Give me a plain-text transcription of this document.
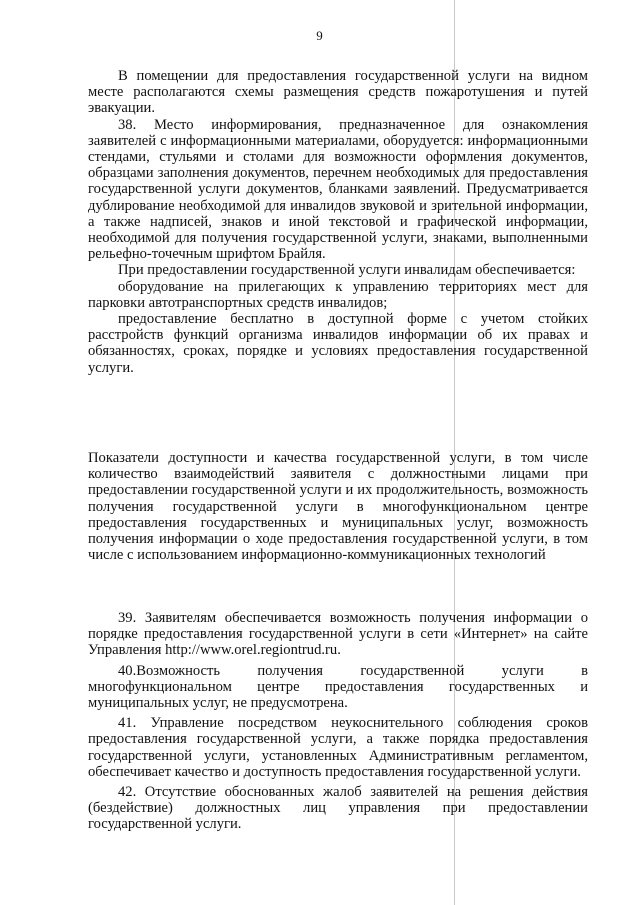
9

В помещении для предоставления государственной услуги на видном месте располагаются схемы размещения средств пожаротушения и путей эвакуации.

38. Место информирования, предназначенное для ознакомления заявителей с информационными материалами, оборудуется: информационными стендами, стульями и столами для возможности оформления документов, образцами заполнения документов, перечнем необходимых для предоставления государственной услуги документов, бланками заявлений. Предусматривается дублирование необходимой для инвалидов звуковой и зрительной информации, а также надписей, знаков и иной текстовой и графической информации, необходимой для получения государственной услуги, знаками, выполненными рельефно-точечным шрифтом Брайля.

При предоставлении государственной услуги инвалидам обеспечивается:

оборудование на прилегающих к управлению территориях мест для парковки автотранспортных средств инвалидов;

предоставление бесплатно в доступной форме с учетом стойких расстройств функций организма инвалидов информации об их правах и обязанностях, сроках, порядке и условиях предоставления государственной услуги.

Показатели доступности и качества государственной услуги, в том числе количество взаимодействий заявителя с должностными лицами при предоставлении государственной услуги и их продолжительность, возможность получения государственной услуги в многофункциональном центре предоставления государственных и муниципальных услуг, возможность получения информации о ходе предоставления государственной услуги, в том числе с использованием информационно-коммуникационных технологий

39. Заявителям обеспечивается возможность получения информации о порядке предоставления государственной услуги в сети «Интернет» на сайте Управления http://www.orel.regiontrud.ru.

40.Возможность получения государственной услуги в многофункциональном центре предоставления государственных и муниципальных услуг, не предусмотрена.

41. Управление посредством неукоснительного соблюдения сроков предоставления государственной услуги, а также порядка предоставления государственной услуги, установленных Административным регламентом, обеспечивает качество и доступность предоставления государственной услуги.

42. Отсутствие обоснованных жалоб заявителей на решения действия (бездействие) должностных лиц управления при предоставлении государственной услуги.
